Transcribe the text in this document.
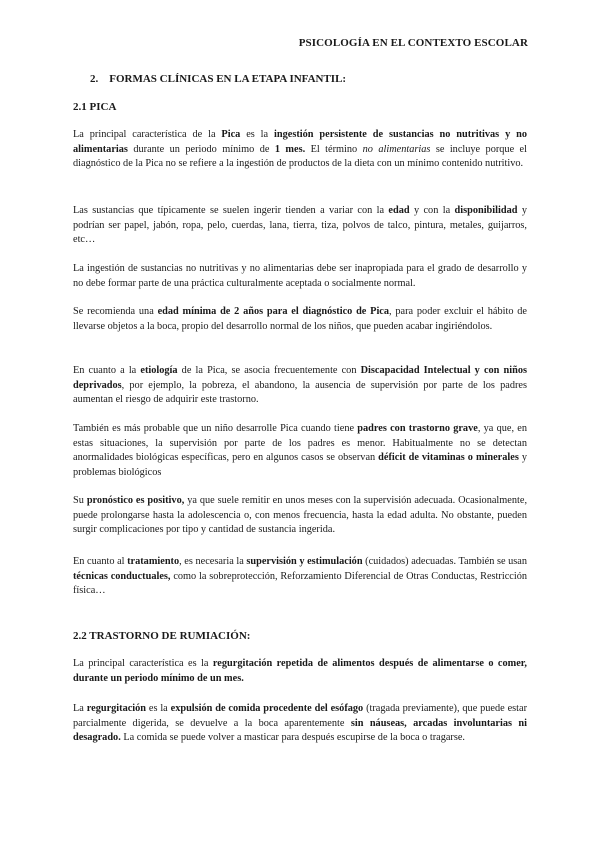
PSICOLOGÍA EN EL CONTEXTO ESCOLAR
2. FORMAS CLÍNICAS EN LA ETAPA INFANTIL:
2.1 PICA

La principal característica de la Pica es la ingestión persistente de sustancias no nutritivas y no alimentarias durante un periodo mínimo de 1 mes. El término no alimentarias se incluye porque el diagnóstico de la Pica no se refiere a la ingestión de productos de la dieta con un mínimo contenido nutritivo.

Las sustancias que típicamente se suelen ingerir tienden a variar con la edad y con la disponibilidad y podrían ser papel, jabón, ropa, pelo, cuerdas, lana, tierra, tiza, polvos de talco, pintura, metales, guijarros, etc…

La ingestión de sustancias no nutritivas y no alimentarias debe ser inapropiada para el grado de desarrollo y no debe formar parte de una práctica culturalmente aceptada o socialmente normal.

Se recomienda una edad mínima de 2 años para el diagnóstico de Pica, para poder excluir el hábito de llevarse objetos a la boca, propio del desarrollo normal de los niños, que pueden acabar ingiriéndolos.

En cuanto a la etiología de la Pica, se asocia frecuentemente con Discapacidad Intelectual y con niños deprivados, por ejemplo, la pobreza, el abandono, la ausencia de supervisión por parte de los padres aumentan el riesgo de adquirir este trastorno.

También es más probable que un niño desarrolle Pica cuando tiene padres con trastorno grave, ya que, en estas situaciones, la supervisión por parte de los padres es menor. Habitualmente no se detectan anormalidades biológicas específicas, pero en algunos casos se observan déficit de vitaminas o minerales y problemas biológicos

Su pronóstico es positivo, ya que suele remitir en unos meses con la supervisión adecuada. Ocasionalmente, puede prolongarse hasta la adolescencia o, con menos frecuencia, hasta la edad adulta. No obstante, pueden surgir complicaciones por tipo y cantidad de sustancia ingerida.

En cuanto al tratamiento, es necesaria la supervisión y estimulación (cuidados) adecuadas. También se usan técnicas conductuales, como la sobreprotección, Reforzamiento Diferencial de Otras Conductas, Restricción física…

2.2 TRASTORNO DE RUMIACIÓN:

La principal característica es la regurgitación repetida de alimentos después de alimentarse o comer, durante un periodo mínimo de un mes.

La regurgitación es la expulsión de comida procedente del esófago (tragada previamente), que puede estar parcialmente digerida, se devuelve a la boca aparentemente sin náuseas, arcadas involuntarias ni desagrado. La comida se puede volver a masticar para después escupirse de la boca o tragarse.
